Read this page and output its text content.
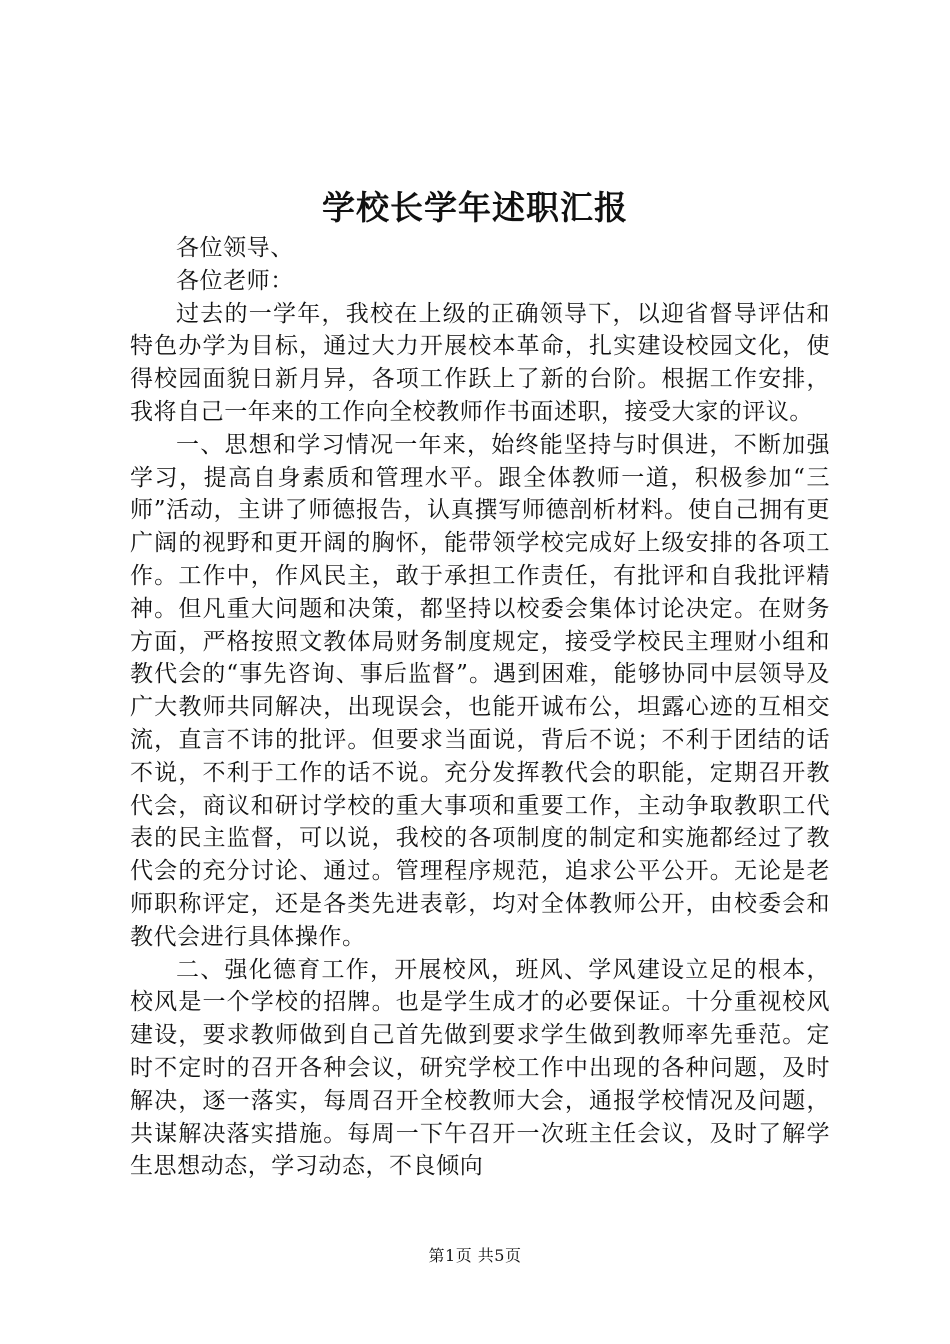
学校长学年述职汇报

各位领导、

各位老师：

过去的一学年，我校在上级的正确领导下，以迎省督导评估和特色办学为目标，通过大力开展校本革命，扎实建设校园文化，使得校园面貌日新月异，各项工作跃上了新的台阶。根据工作安排，我将自己一年来的工作向全校教师作书面述职，接受大家的评议。

一、思想和学习情况一年来，始终能坚持与时俱进，不断加强学习，提高自身素质和管理水平。跟全体教师一道，积极参加“三师”活动，主讲了师德报告，认真撰写师德剖析材料。使自己拥有更广阔的视野和更开阔的胸怀，能带领学校完成好上级安排的各项工作。工作中，作风民主，敢于承担工作责任，有批评和自我批评精神。但凡重大问题和决策，都坚持以校委会集体讨论决定。在财务方面，严格按照文教体局财务制度规定，接受学校民主理财小组和教代会的“事先咨询、事后监督”。遇到困难，能够协同中层领导及广大教师共同解决，出现误会，也能开诚布公，坦露心迹的互相交流，直言不讳的批评。但要求当面说，背后不说；不利于团结的话不说，不利于工作的话不说。充分发挥教代会的职能，定期召开教代会，商议和研讨学校的重大事项和重要工作，主动争取教职工代表的民主监督，可以说，我校的各项制度的制定和实施都经过了教代会的充分讨论、通过。管理程序规范，追求公平公开。无论是老师职称评定，还是各类先进表彰，均对全体教师公开，由校委会和教代会进行具体操作。

二、强化德育工作，开展校风，班风、学风建设立足的根本，校风是一个学校的招牌。也是学生成才的必要保证。十分重视校风建设，要求教师做到自己首先做到要求学生做到教师率先垂范。定时不定时的召开各种会议，研究学校工作中出现的各种问题，及时解决，逐一落实，每周召开全校教师大会，通报学校情况及问题，共谋解决落实措施。每周一下午召开一次班主任会议，及时了解学生思想动态，学习动态，不良倾向

第1页 共5页
